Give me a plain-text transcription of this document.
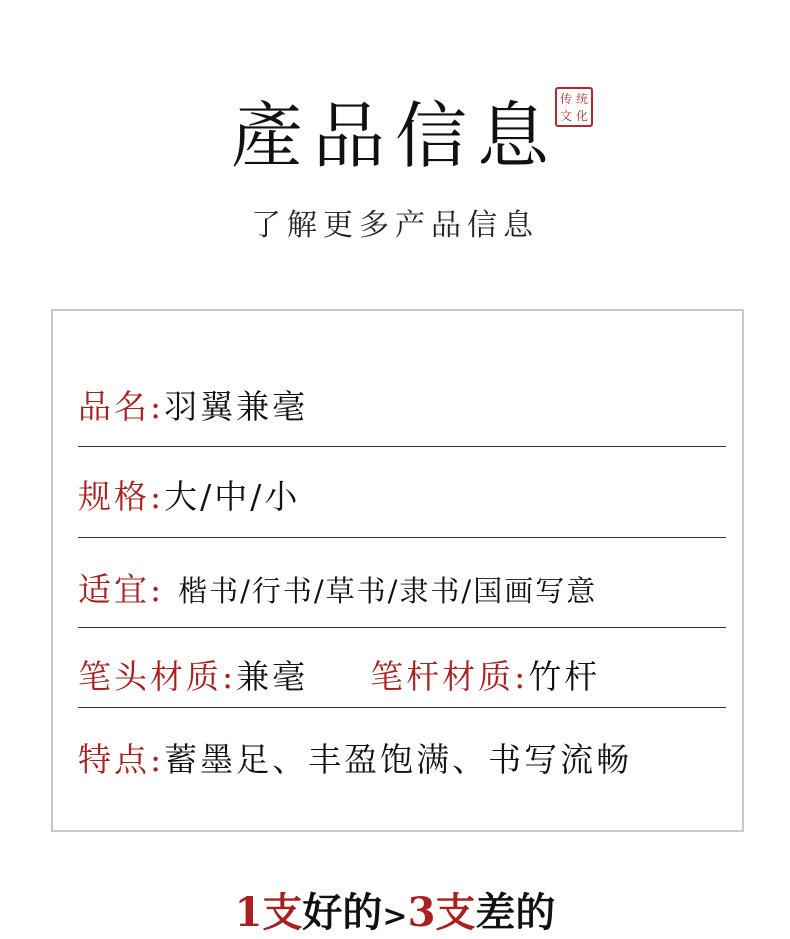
產品信息 传 统
文 化
了解更多产品信息
品名:羽翼兼毫
规格:大/中/小
适宜: 楷书/行书/草书/隶书/国画写意
笔头材质:兼毫 笔杆材质:竹杆
特点:蓄墨足、丰盈饱满、书写流畅
1支好的>3支差的
